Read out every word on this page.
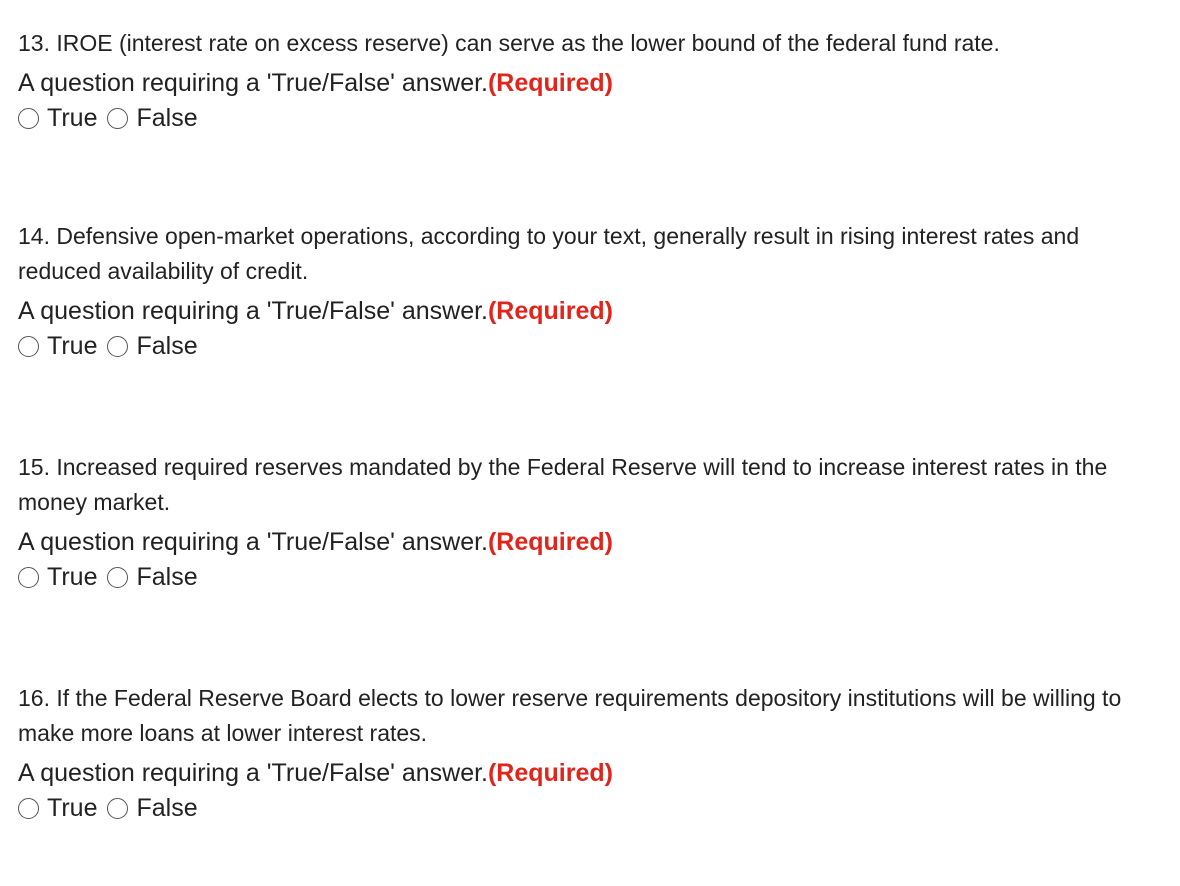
13. IROE (interest rate on excess reserve) can serve as the lower bound of the federal fund rate.

A question requiring a 'True/False' answer.(Required)
True False

14. Defensive open-market operations, according to your text, generally result in rising interest rates and reduced availability of credit.

A question requiring a 'True/False' answer.(Required)
True False

15. Increased required reserves mandated by the Federal Reserve will tend to increase interest rates in the money market.

A question requiring a 'True/False' answer.(Required)
True False

16. If the Federal Reserve Board elects to lower reserve requirements depository institutions will be willing to make more loans at lower interest rates.

A question requiring a 'True/False' answer.(Required)
True False
